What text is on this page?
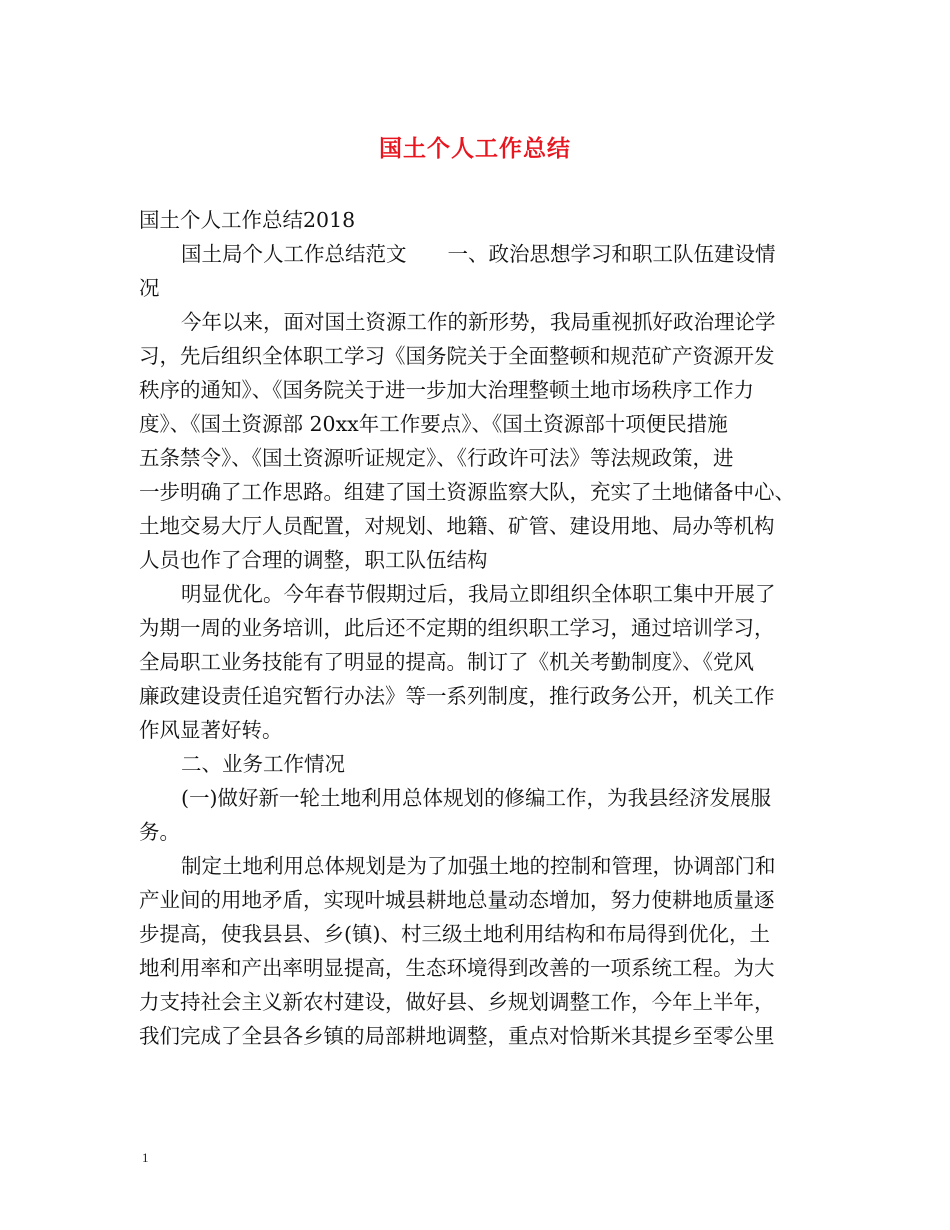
国土个人工作总结
国土个人工作总结2018
国土局个人工作总结范文　　一、政治思想学习和职工队伍建设情
况
今年以来，面对国土资源工作的新形势，我局重视抓好政治理论学
习，先后组织全体职工学习《国务院关于全面整顿和规范矿产资源开发
秩序的通知》、《国务院关于进一步加大治理整顿土地市场秩序工作力
度》、《国土资源部 20xx年工作要点》、《国土资源部十项便民措施
五条禁令》、《国土资源听证规定》、《行政许可法》等法规政策，进
一步明确了工作思路。组建了国土资源监察大队，充实了土地储备中心、
土地交易大厅人员配置，对规划、地籍、矿管、建设用地、局办等机构
人员也作了合理的调整，职工队伍结构
明显优化。今年春节假期过后，我局立即组织全体职工集中开展了
为期一周的业务培训，此后还不定期的组织职工学习，通过培训学习，
全局职工业务技能有了明显的提高。制订了《机关考勤制度》、《党风
廉政建设责任追究暂行办法》等一系列制度，推行政务公开，机关工作
作风显著好转。
二、业务工作情况
(一)做好新一轮土地利用总体规划的修编工作，为我县经济发展服
务。
制定土地利用总体规划是为了加强土地的控制和管理，协调部门和
产业间的用地矛盾，实现叶城县耕地总量动态增加，努力使耕地质量逐
步提高，使我县县、乡(镇)、村三级土地利用结构和布局得到优化，土
地利用率和产出率明显提高，生态环境得到改善的一项系统工程。为大
力支持社会主义新农村建设，做好县、乡规划调整工作，今年上半年，
我们完成了全县各乡镇的局部耕地调整，重点对恰斯米其提乡至零公里
1
